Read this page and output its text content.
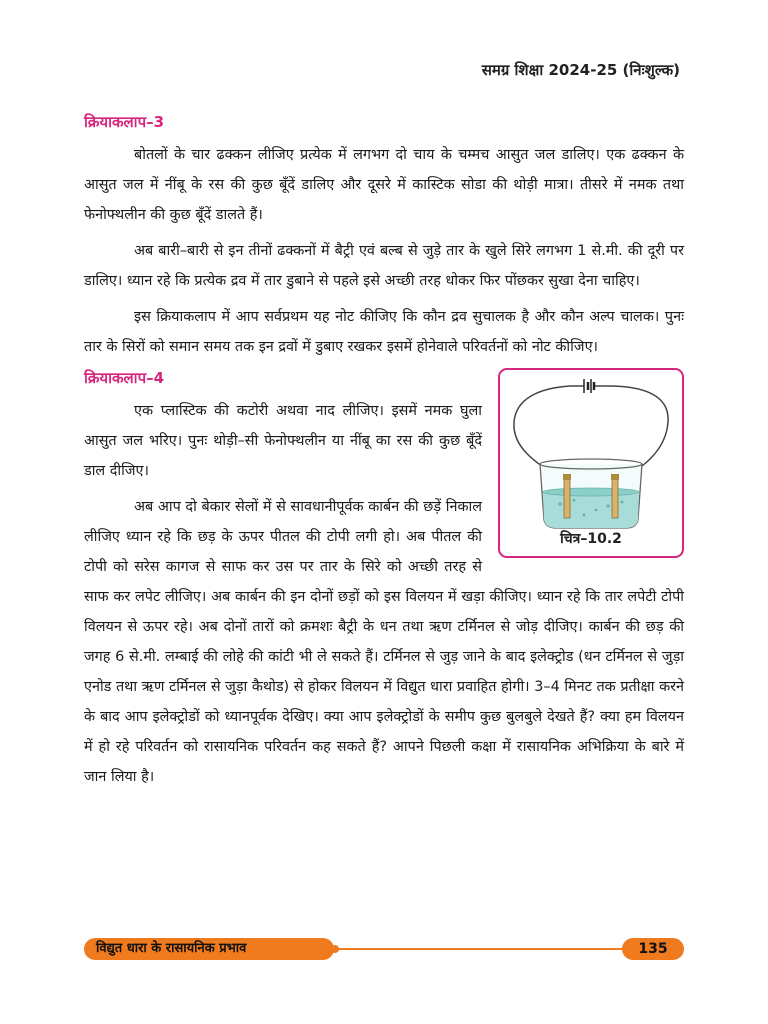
समग्र शिक्षा 2024-25 (निःशुल्क)
क्रियाकलाप–3

बोतलों के चार ढक्कन लीजिए प्रत्येक में लगभग दो चाय के चम्मच आसुत जल डालिए। एक ढक्कन के आसुत जल में नींबू के रस की कुछ बूँदें डालिए और दूसरे में कास्टिक सोडा की थोड़ी मात्रा। तीसरे में नमक तथा फेनोफ्थलीन की कुछ बूँदें डालते हैं।

अब बारी–बारी से इन तीनों ढक्कनों में बैट्री एवं बल्ब से जुड़े तार के खुले सिरे लगभग 1 से.मी. की दूरी पर डालिए। ध्यान रहे कि प्रत्येक द्रव में तार डुबाने से पहले इसे अच्छी तरह धोकर फिर पोंछकर सुखा देना चाहिए।

इस क्रियाकलाप में आप सर्वप्रथम यह नोट कीजिए कि कौन द्रव सुचालक है और कौन अल्प चालक। पुनः तार के सिरों को समान समय तक इन द्रवों में डुबाए रखकर इसमें होनेवाले परिवर्तनों को नोट कीजिए।

चित्र–10.2
क्रियाकलाप–4

एक प्लास्टिक की कटोरी अथवा नाद लीजिए। इसमें नमक घुला आसुत जल भरिए। पुनः थोड़ी–सी फेनोफ्थलीन या नींबू का रस की कुछ बूँदें डाल दीजिए।

अब आप दो बेकार सेलों में से सावधानीपूर्वक कार्बन की छड़ें निकाल लीजिए ध्यान रहे कि छड़ के ऊपर पीतल की टोपी लगी हो। अब पीतल की टोपी को सरेस कागज से साफ कर उस पर तार के सिरे को अच्छी तरह से साफ कर लपेट लीजिए। अब कार्बन की इन दोनों छड़ों को इस विलयन में खड़ा कीजिए। ध्यान रहे कि तार लपेटी टोपी विलयन से ऊपर रहे। अब दोनों तारों को क्रमशः बैट्री के धन तथा ऋण टर्मिनल से जोड़ दीजिए। कार्बन की छड़ की जगह 6 से.मी. लम्बाई की लोहे की कांटी भी ले सकते हैं। टर्मिनल से जुड़ जाने के बाद इलेक्ट्रोड (धन टर्मिनल से जुड़ा एनोड तथा ऋण टर्मिनल से जुड़ा कैथोड) से होकर विलयन में विद्युत धारा प्रवाहित होगी। 3–4 मिनट तक प्रतीक्षा करने के बाद आप इलेक्ट्रोडों को ध्यानपूर्वक देखिए। क्या आप इलेक्ट्रोडों के समीप कुछ बुलबुले देखते हैं? क्या हम विलयन में हो रहे परिवर्तन को रासायनिक परिवर्तन कह सकते हैं? आपने पिछली कक्षा में रासायनिक अभिक्रिया के बारे में जान लिया है।

विद्युत धारा के रासायनिक प्रभाव	135
